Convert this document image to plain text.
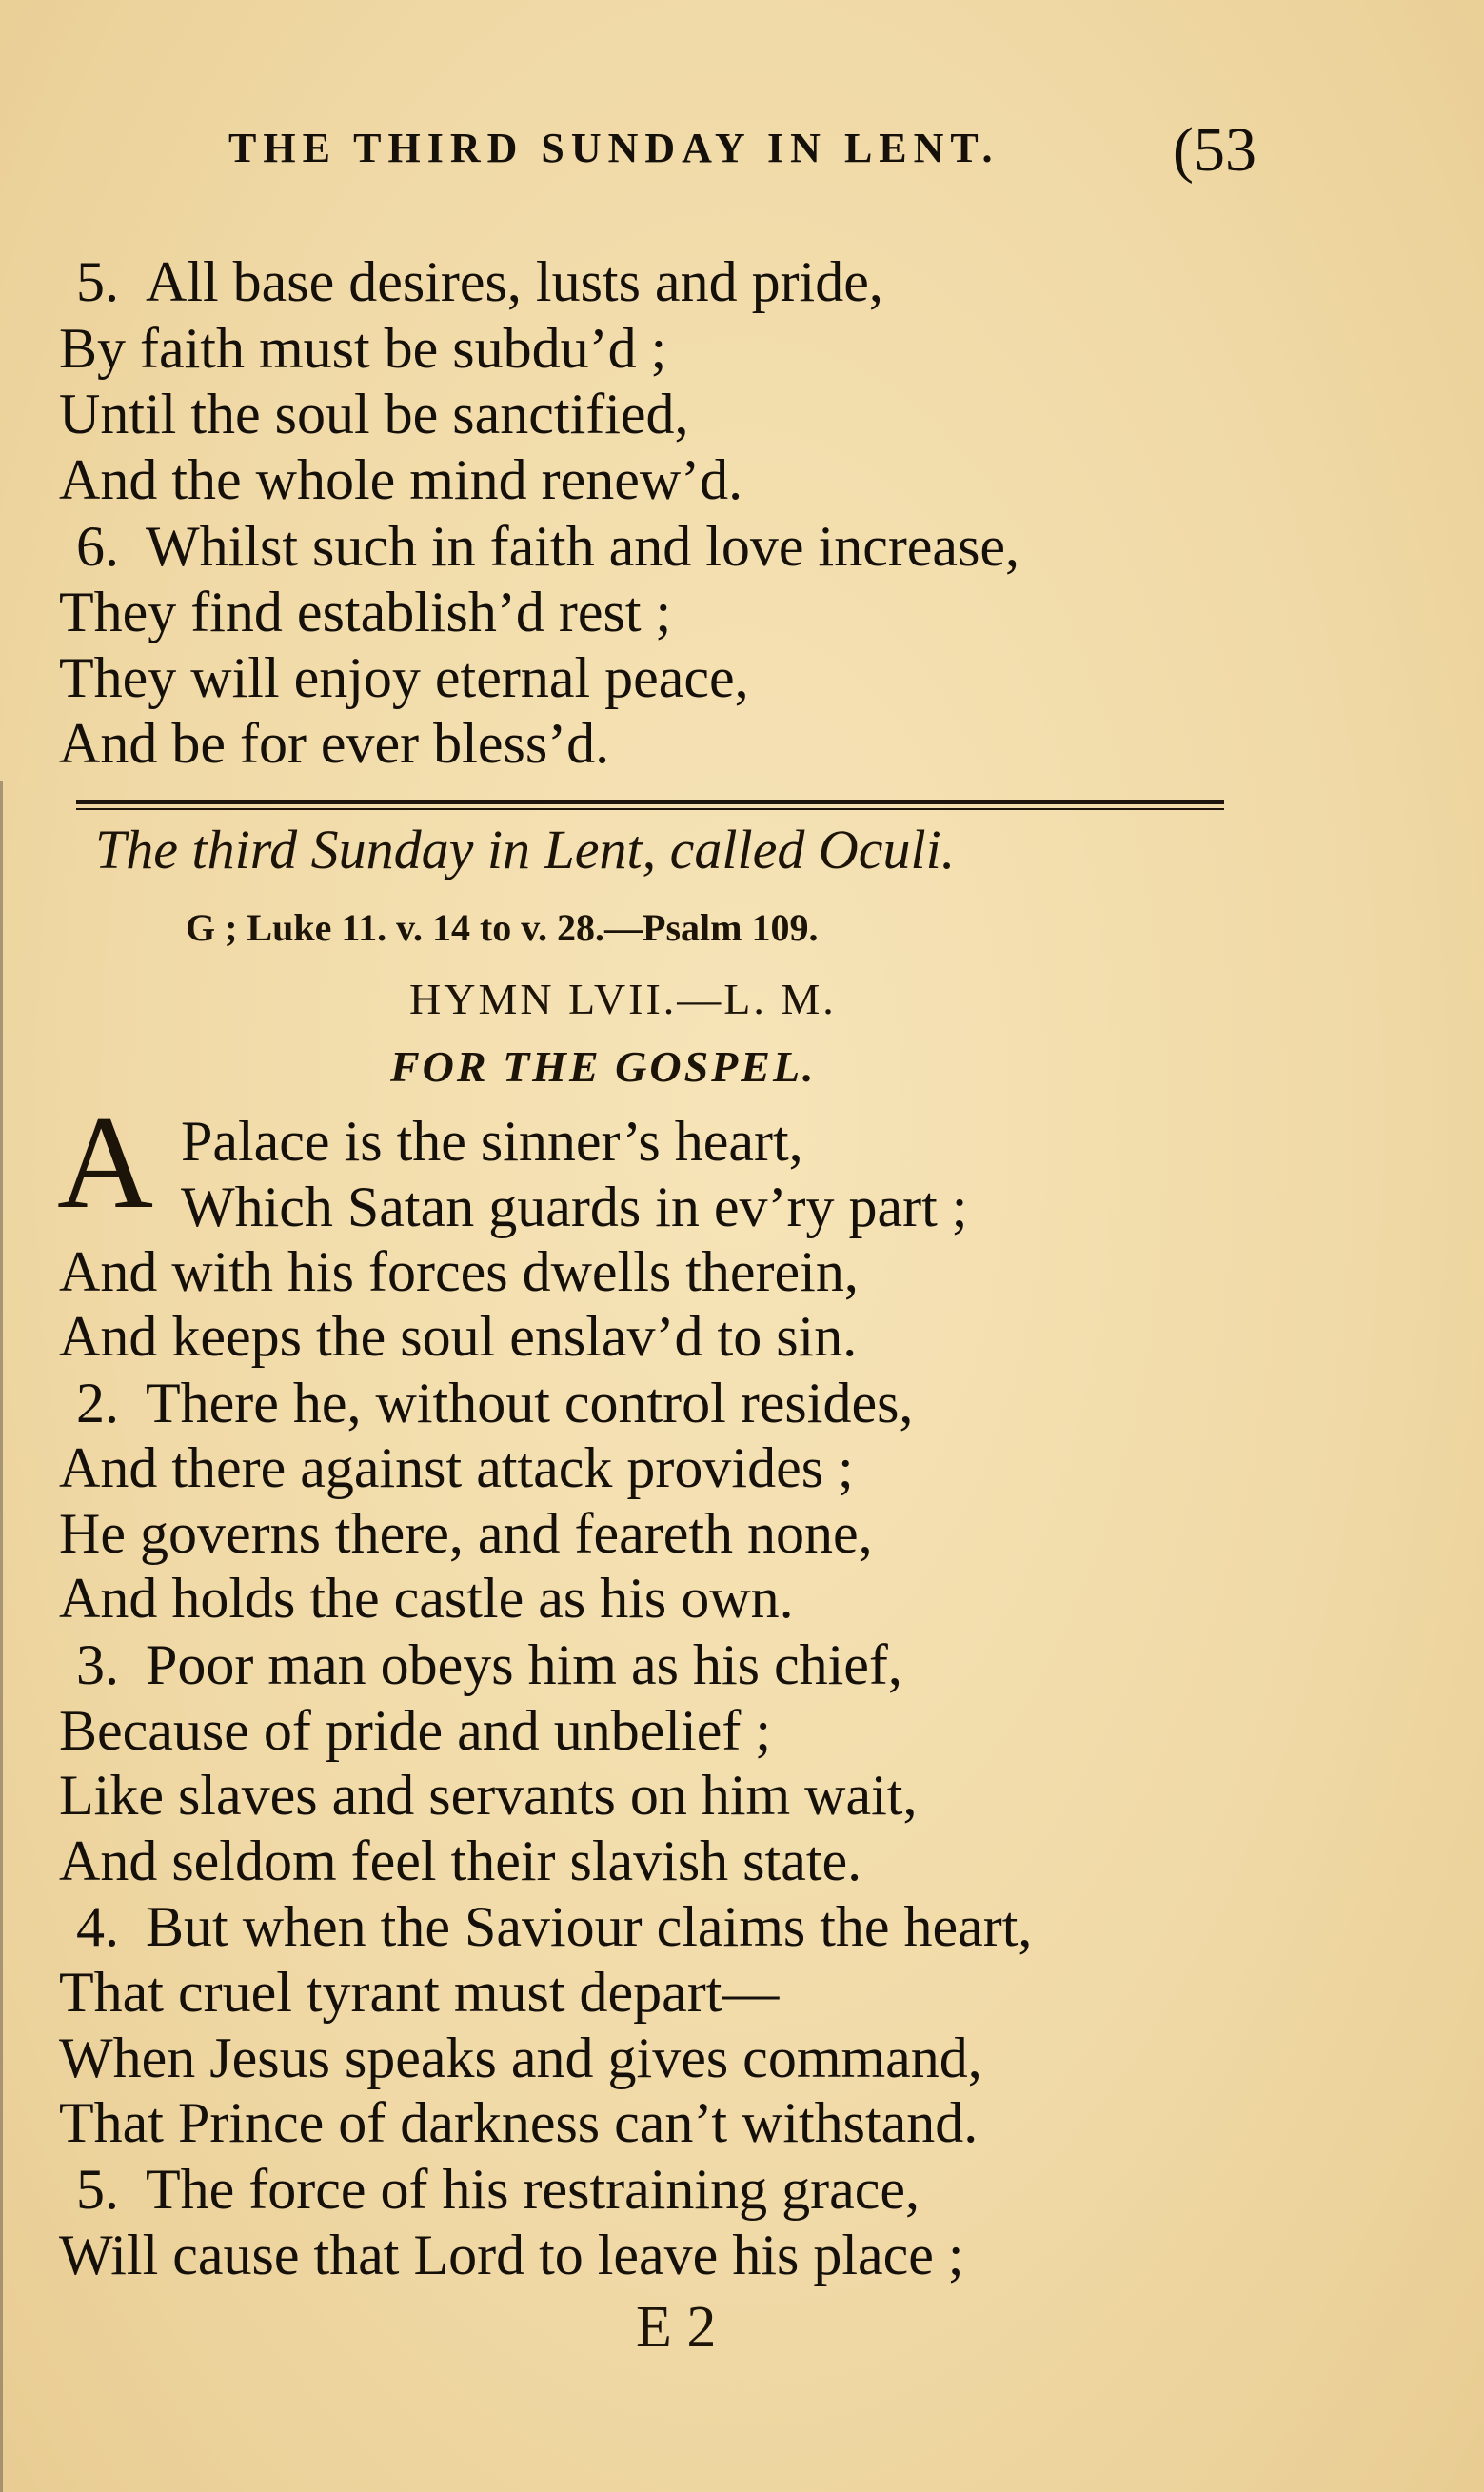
THE THIRD SUNDAY IN LENT.	(53
5. All base desires, lusts and pride,
By faith must be subdu’d ;
Until the soul be sanctified,
And the whole mind renew’d.
6. Whilst such in faith and love increase,
They find establish’d rest ;
They will enjoy eternal peace,
And be for ever bless’d.
The third Sunday in Lent, called Oculi.
G ; Luke 11. v. 14 to v. 28.—Psalm 109.
HYMN LVII.—L. M.
FOR THE GOSPEL.
A Palace is the sinner’s heart,
Which Satan guards in ev’ry part ;
And with his forces dwells therein,
And keeps the soul enslav’d to sin.
2. There he, without control resides,
And there against attack provides ;
He governs there, and feareth none,
And holds the castle as his own.
3. Poor man obeys him as his chief,
Because of pride and unbelief ;
Like slaves and servants on him wait,
And seldom feel their slavish state.
4. But when the Saviour claims the heart,
That cruel tyrant must depart—
When Jesus speaks and gives command,
That Prince of darkness can’t withstand.
5. The force of his restraining grace,
Will cause that Lord to leave his place ;
E 2
